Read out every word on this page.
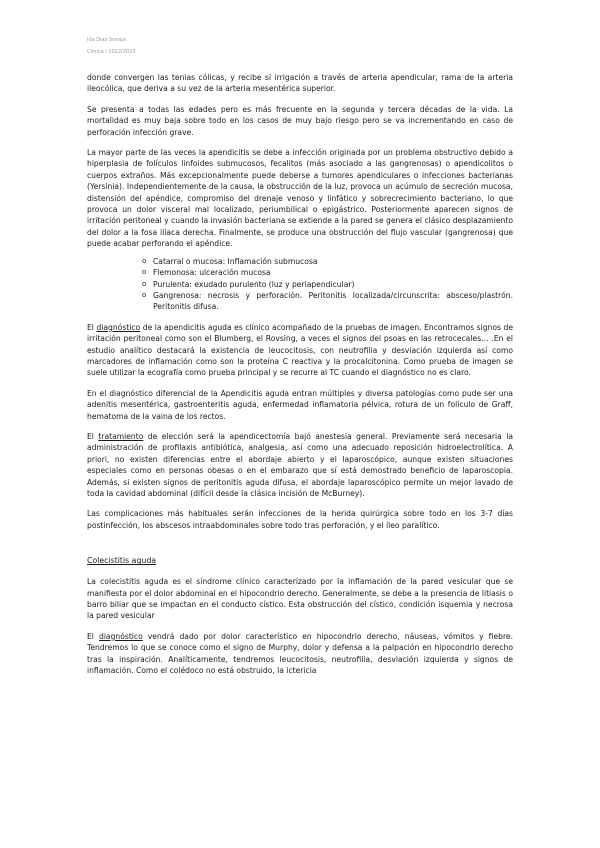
Ida Díaz Sneaja
Clínica I 2022/2023

donde convergen las tenias cólicas, y recibe si irrigación a través de arteria apendicular, rama de la arteria ileocólica, que deriva a su vez de la arteria mesentérica superior.

Se presenta a todas las edades pero es más frecuente en la segunda y tercera décadas de la vida. La mortalidad es muy baja sobre todo en los casos de muy bajo riesgo pero se va incrementando en caso de perforación infección grave.

La mayor parte de las veces la apendicitis se debe a infección originada por un problema obstructivo debido a hiperplasia de folículos linfoides submucosos, fecalitos (más asociado a las gangrenosas) o apendicolitos o cuerpos extraños. Más excepcionalmente puede deberse a tumores apendiculares o infecciones bacterianas (Yersinia). Independientemente de la causa, la obstrucción de la luz, provoca un acúmulo de secreción mucosa, distensión del apéndice, compromiso del drenaje venoso y linfático y sobrecrecimiento bacteriano, lo que provoca un dolor visceral mal localizado, periumbilical o epigástrico. Posteriormente aparecen signos de irritación peritoneal y cuando la invasión bacteriana se extiende a la pared se genera el clásico desplazamiento del dolor a la fosa ilíaca derecha. Finalmente, se produce una obstrucción del flujo vascular (gangrenosa) que puede acabar perforando el apéndice.

o Catarral o mucosa: Inflamación submucosa
o Flemonosa: ulceración mucosa
o Purulenta: exudado purulento (luz y periapendicular)
o Gangrenosa: necrosis y perforación. Peritonitis localizada/circunscrita: absceso/plastrón. Peritonitis difusa.

El diagnóstico de la apendicitis aguda es clínico acompañado de la pruebas de imagen. Encontramos signos de irritación peritoneal como son el Blumberg, el Rovsing, a veces el signos del psoas en las retrocecales… .En el estudio analítico destacará la existencia de leucocitosis, con neutrofilia y desviación izquierda así como marcadores de inflamación como son la proteína C reactiva y la procalcitonina. Como prueba de imagen se suele utilizar la ecografía como prueba principal y se recurre al TC cuando el diagnóstico no es claro.

En el diagnóstico diferencial de la Apendicitis aguda entran múltiples y diversa patologías como pude ser una adenitis mesentérica, gastroenteritis aguda, enfermedad inflamatoria pélvica, rotura de un folículo de Graff, hematoma de la vaina de los rectos.

El tratamiento de elección será la apendicectomía bajó anestesia general. Previamente será necesaria la administración de profilaxis antibiótica, analgesia, así como una adecuado reposición hidroelectrolítica. A priori, no existen diferencias entre el abordaje abierto y el laparoscópico, aunque existen situaciones especiales como en personas obesas o en el embarazo que sí está demostrado beneficio de laparoscopia. Además, si existen signos de peritonitis aguda difusa, el abordaje laparoscópico permite un mejor lavado de toda la cavidad abdominal (difícil desde la clásica incisión de McBurney).

Las complicaciones más habituales serán infecciones de la herida quirúrgica sobre todo en los 3-7 días postinfección, los abscesos intraabdominales sobre todo tras perforación, y el íleo paralítico.

Colecistitis aguda

La colecistitis aguda es el síndrome clínico caracterizado por la inflamación de la pared vesicular que se manifiesta por el dolor abdominal en el hipocondrio derecho. Generalmente, se debe a la presencia de litiasis o barro biliar que se impactan en el conducto cístico. Esta obstrucción del cístico, condición isquemia y necrosa la pared vesicular

El diagnóstico vendrá dado por dolor característico en hipocondrio derecho, náuseas, vómitos y fiebre. Tendremos lo que se conoce como el signo de Murphy, dolor y defensa a la palpación en hipocondrio derecho tras la inspiración. Analíticamente, tendremos leucocitosis, neutrofilia, desviación izquierda y signos de inflamación. Como el colédoco no está obstruido, la ictericia
